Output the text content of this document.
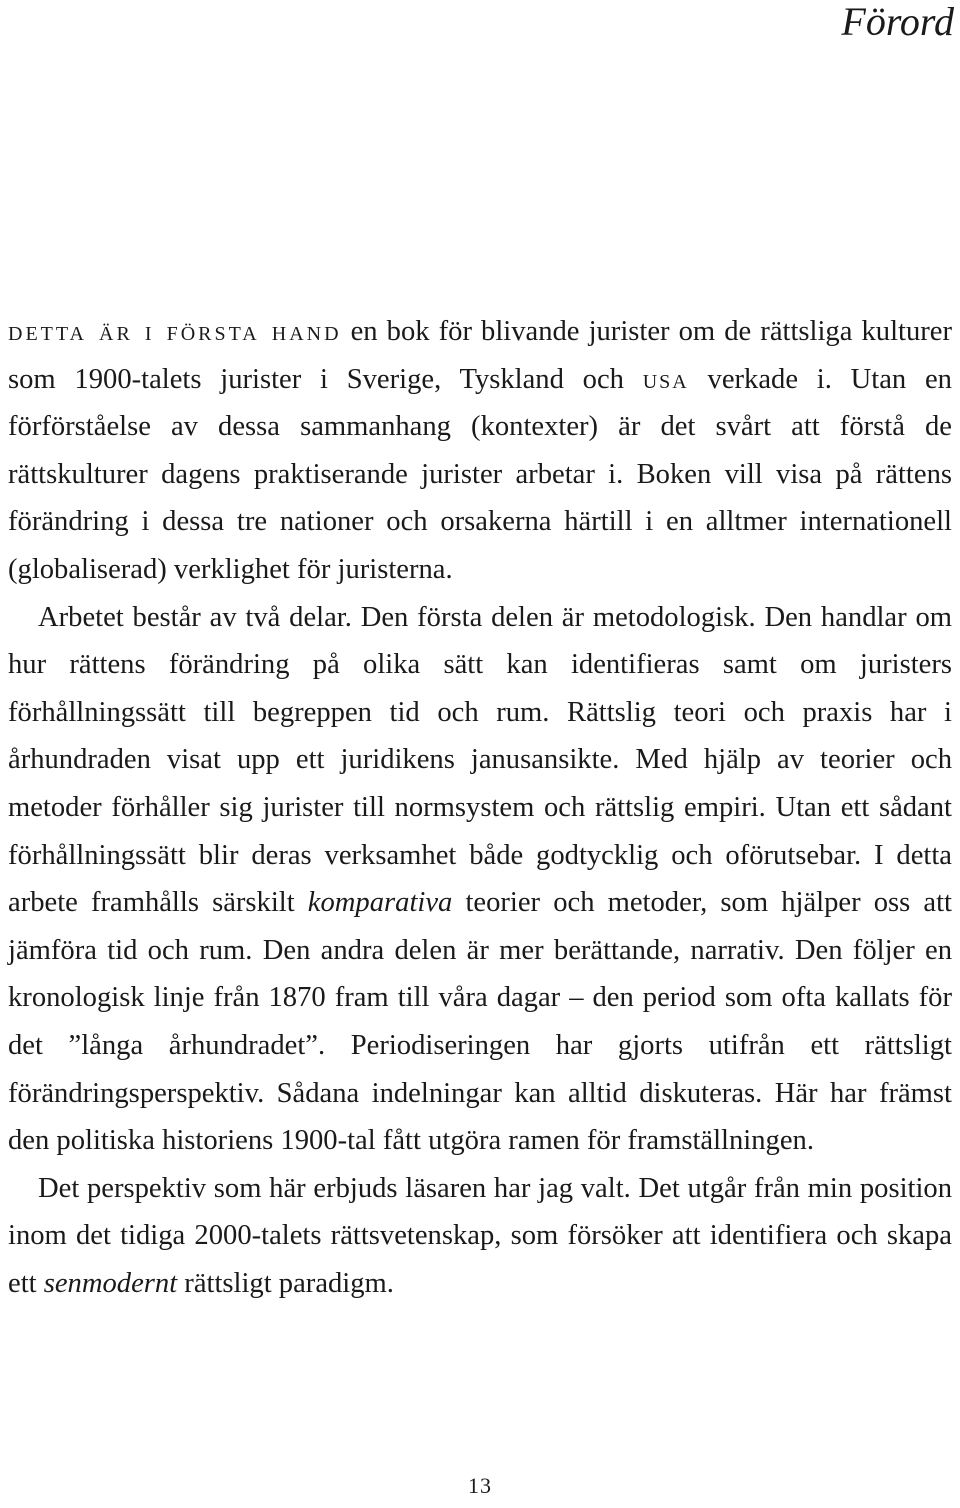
Förord

detta är i första hand en bok för blivande jurister om de rättsliga kulturer som 1900-talets jurister i Sverige, Tyskland och usa verkade i. Utan en förförståelse av dessa sammanhang (kontexter) är det svårt att förstå de rättskulturer dagens praktiserande jurister arbetar i. Boken vill visa på rättens förändring i dessa tre nationer och orsakerna härtill i en alltmer internationell (globaliserad) verklighet för juristerna.

Arbetet består av två delar. Den första delen är metodologisk. Den handlar om hur rättens förändring på olika sätt kan identifieras samt om juristers förhållningssätt till begreppen tid och rum. Rättslig teori och praxis har i århundraden visat upp ett juridikens janusansikte. Med hjälp av teorier och metoder förhåller sig jurister till normsystem och rättslig empiri. Utan ett sådant förhållningssätt blir deras verksamhet både godtycklig och oförutsebar. I detta arbete framhålls särskilt komparativa teorier och metoder, som hjälper oss att jämföra tid och rum. Den andra delen är mer berättande, narrativ. Den följer en kronologisk linje från 1870 fram till våra dagar – den period som ofta kallats för det ”långa århundradet”. Periodiseringen har gjorts utifrån ett rättsligt förändringsperspektiv. Sådana indelningar kan alltid diskuteras. Här har främst den politiska historiens 1900-tal fått utgöra ramen för framställningen.

Det perspektiv som här erbjuds läsaren har jag valt. Det utgår från min position inom det tidiga 2000-talets rättsvetenskap, som försöker att identifiera och skapa ett senmodernt rättsligt paradigm.

13
